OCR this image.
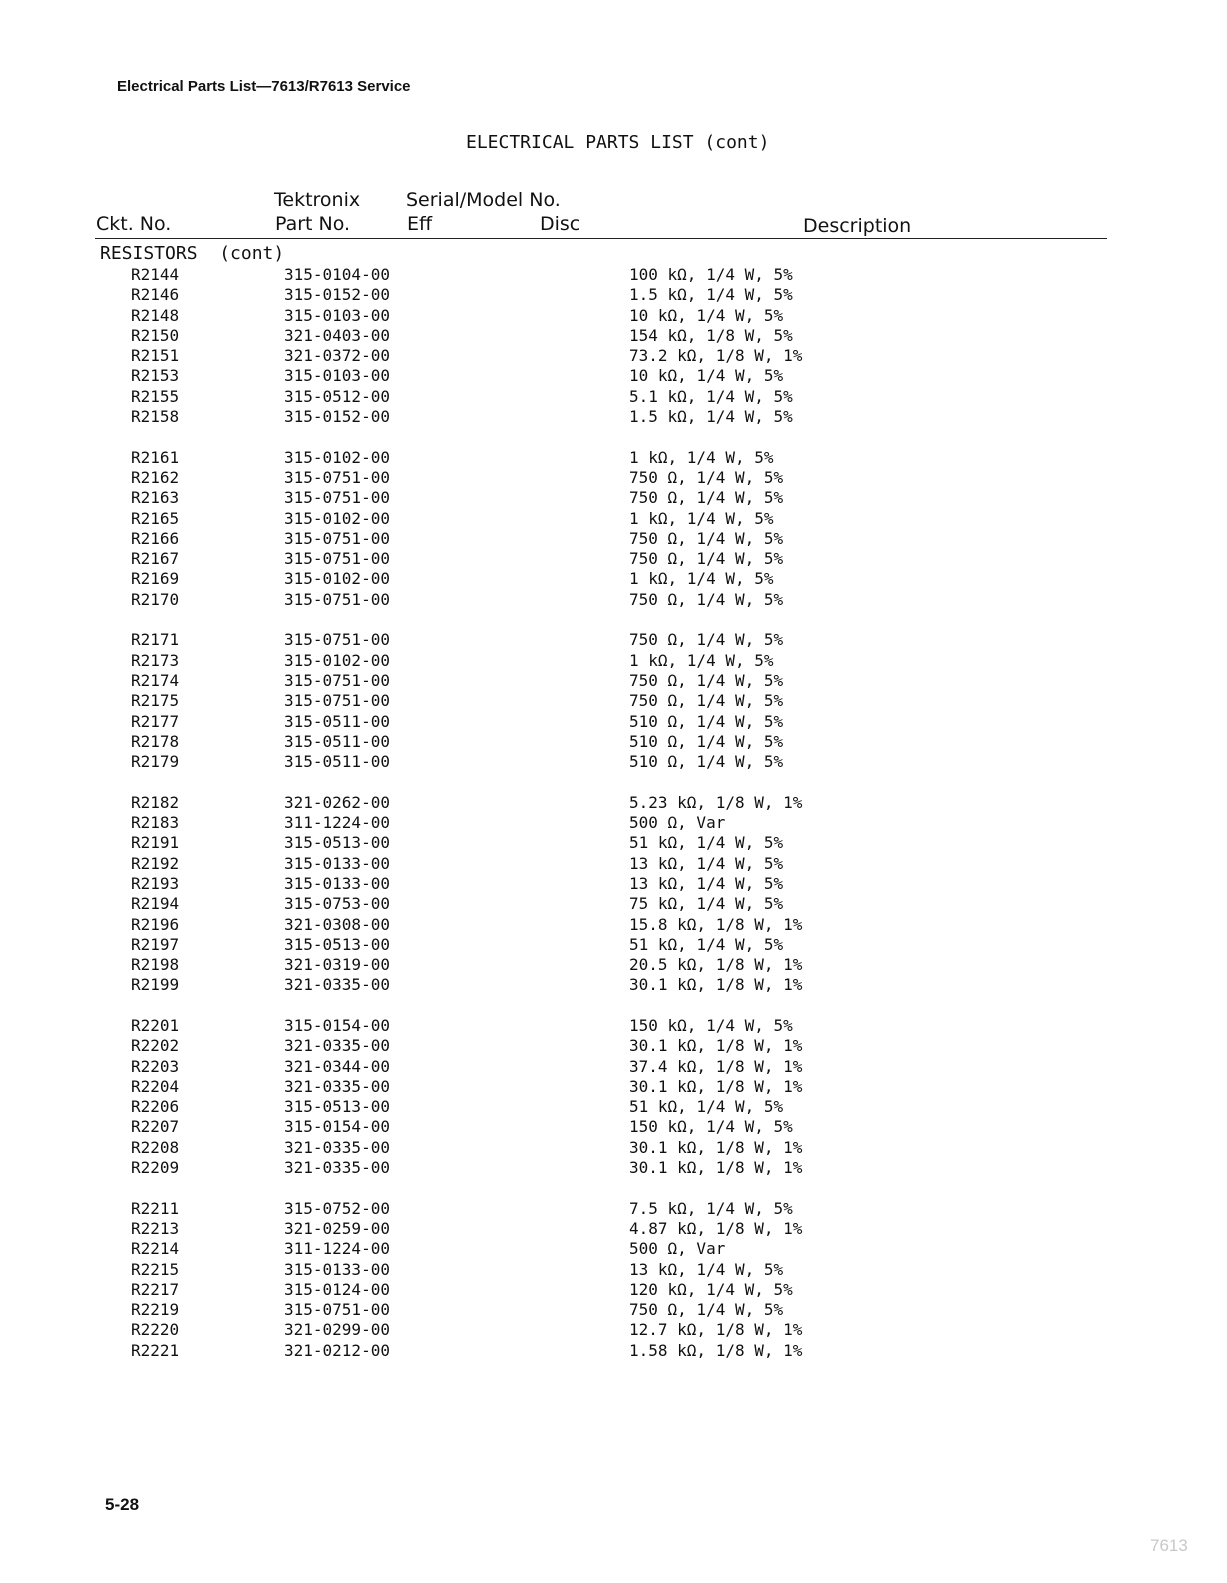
Electrical Parts List—7613/R7613 Service
ELECTRICAL PARTS LIST (cont)
Ckt. No.
Tektronix
Part No.
Serial/Model No.
Eff	Disc	Description
RESISTORS  (cont)
R2144	315-0104-00	100 kΩ, 1/4 W, 5%
R2146	315-0152-00	1.5 kΩ, 1/4 W, 5%
R2148	315-0103-00	10 kΩ, 1/4 W, 5%
R2150	321-0403-00	154 kΩ, 1/8 W, 5%
R2151	321-0372-00	73.2 kΩ, 1/8 W, 1%
R2153	315-0103-00	10 kΩ, 1/4 W, 5%
R2155	315-0512-00	5.1 kΩ, 1/4 W, 5%
R2158	315-0152-00	1.5 kΩ, 1/4 W, 5%
R2161	315-0102-00	1 kΩ, 1/4 W, 5%
R2162	315-0751-00	750 Ω, 1/4 W, 5%
R2163	315-0751-00	750 Ω, 1/4 W, 5%
R2165	315-0102-00	1 kΩ, 1/4 W, 5%
R2166	315-0751-00	750 Ω, 1/4 W, 5%
R2167	315-0751-00	750 Ω, 1/4 W, 5%
R2169	315-0102-00	1 kΩ, 1/4 W, 5%
R2170	315-0751-00	750 Ω, 1/4 W, 5%
R2171	315-0751-00	750 Ω, 1/4 W, 5%
R2173	315-0102-00	1 kΩ, 1/4 W, 5%
R2174	315-0751-00	750 Ω, 1/4 W, 5%
R2175	315-0751-00	750 Ω, 1/4 W, 5%
R2177	315-0511-00	510 Ω, 1/4 W, 5%
R2178	315-0511-00	510 Ω, 1/4 W, 5%
R2179	315-0511-00	510 Ω, 1/4 W, 5%
R2182	321-0262-00	5.23 kΩ, 1/8 W, 1%
R2183	311-1224-00	500 Ω, Var
R2191	315-0513-00	51 kΩ, 1/4 W, 5%
R2192	315-0133-00	13 kΩ, 1/4 W, 5%
R2193	315-0133-00	13 kΩ, 1/4 W, 5%
R2194	315-0753-00	75 kΩ, 1/4 W, 5%
R2196	321-0308-00	15.8 kΩ, 1/8 W, 1%
R2197	315-0513-00	51 kΩ, 1/4 W, 5%
R2198	321-0319-00	20.5 kΩ, 1/8 W, 1%
R2199	321-0335-00	30.1 kΩ, 1/8 W, 1%
R2201	315-0154-00	150 kΩ, 1/4 W, 5%
R2202	321-0335-00	30.1 kΩ, 1/8 W, 1%
R2203	321-0344-00	37.4 kΩ, 1/8 W, 1%
R2204	321-0335-00	30.1 kΩ, 1/8 W, 1%
R2206	315-0513-00	51 kΩ, 1/4 W, 5%
R2207	315-0154-00	150 kΩ, 1/4 W, 5%
R2208	321-0335-00	30.1 kΩ, 1/8 W, 1%
R2209	321-0335-00	30.1 kΩ, 1/8 W, 1%
R2211	315-0752-00	7.5 kΩ, 1/4 W, 5%
R2213	321-0259-00	4.87 kΩ, 1/8 W, 1%
R2214	311-1224-00	500 Ω, Var
R2215	315-0133-00	13 kΩ, 1/4 W, 5%
R2217	315-0124-00	120 kΩ, 1/4 W, 5%
R2219	315-0751-00	750 Ω, 1/4 W, 5%
R2220	321-0299-00	12.7 kΩ, 1/8 W, 1%
R2221	321-0212-00	1.58 kΩ, 1/8 W, 1%
5-28
7613
